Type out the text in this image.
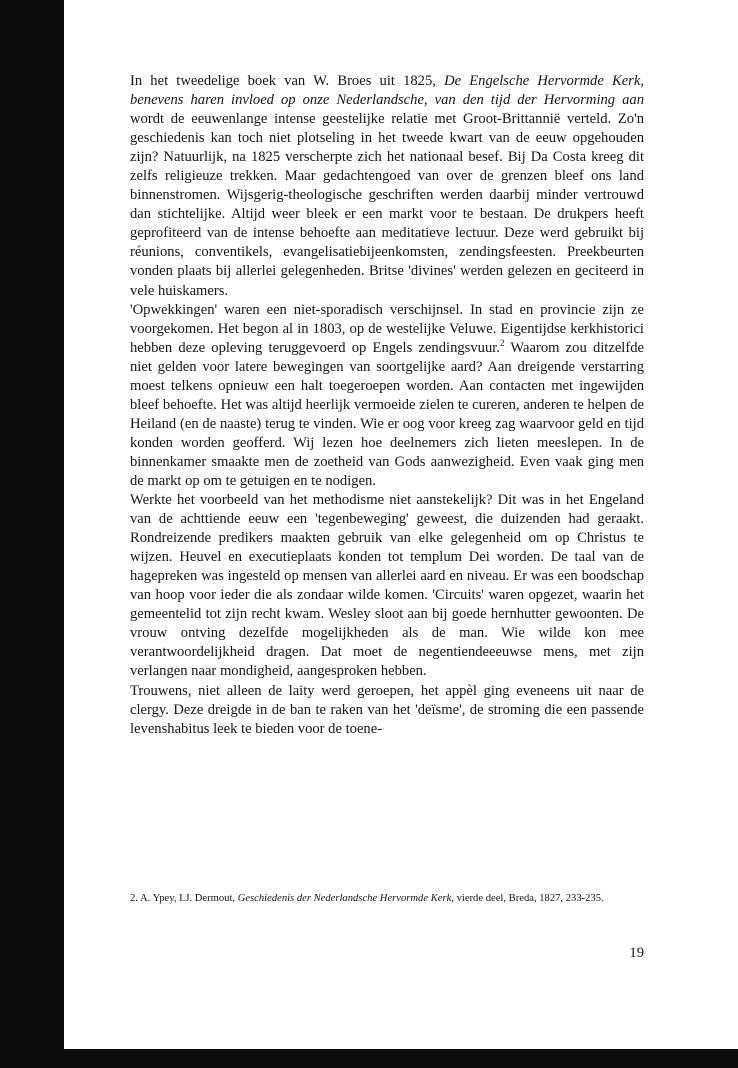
In het tweedelige boek van W. Broes uit 1825, De Engelsche Hervormde Kerk, benevens haren invloed op onze Nederlandsche, van den tijd der Hervorming aan wordt de eeuwenlange intense geestelijke relatie met Groot-Brittannië verteld. Zo'n geschiedenis kan toch niet plotseling in het tweede kwart van de eeuw opgehouden zijn? Natuurlijk, na 1825 verscherpte zich het nationaal besef. Bij Da Costa kreeg dit zelfs religieuze trekken. Maar gedachtengoed van over de grenzen bleef ons land binnenstromen. Wijsgerig-theologische geschriften werden daarbij minder vertrouwd dan stichtelijke. Altijd weer bleek er een markt voor te bestaan. De drukpers heeft geprofiteerd van de intense behoefte aan meditatieve lectuur. Deze werd gebruikt bij réunions, conventikels, evangelisatiebijeenkomsten, zendingsfeesten. Preekbeurten vonden plaats bij allerlei gelegenheden. Britse 'divines' werden gelezen en geciteerd in vele huiskamers.

'Opwekkingen' waren een niet-sporadisch verschijnsel. In stad en provincie zijn ze voorgekomen. Het begon al in 1803, op de westelijke Veluwe. Eigentijdse kerkhistorici hebben deze opleving teruggevoerd op Engels zendingsvuur.$^2$ Waarom zou ditzelfde niet gelden voor latere bewegingen van soortgelijke aard? Aan dreigende verstarring moest telkens opnieuw een halt toegeroepen worden. Aan contacten met ingewijden bleef behoefte. Het was altijd heerlijk vermoeide zielen te cureren, anderen te helpen de Heiland (en de naaste) terug te vinden. Wie er oog voor kreeg zag waarvoor geld en tijd konden worden geofferd. Wij lezen hoe deelnemers zich lieten meeslepen. In de binnenkamer smaakte men de zoetheid van Gods aanwezigheid. Even vaak ging men de markt op om te getuigen en te nodigen.

Werkte het voorbeeld van het methodisme niet aanstekelijk? Dit was in het Engeland van de achttiende eeuw een 'tegenbeweging' geweest, die duizenden had geraakt. Rondreizende predikers maakten gebruik van elke gelegenheid om op Christus te wijzen. Heuvel en executieplaats konden tot templum Dei worden. De taal van de hagepreken was ingesteld op mensen van allerlei aard en niveau. Er was een boodschap van hoop voor ieder die als zondaar wilde komen. 'Circuits' waren opgezet, waarin het gemeentelid tot zijn recht kwam. Wesley sloot aan bij goede hernhutter gewoonten. De vrouw ontving dezelfde mogelijkheden als de man. Wie wilde kon mee verantwoordelijkheid dragen. Dat moet de negentiendeeeuwse mens, met zijn verlangen naar mondigheid, aangesproken hebben.

Trouwens, niet alleen de laity werd geroepen, het appèl ging eveneens uit naar de clergy. Deze dreigde in de ban te raken van het 'deïsme', de stroming die een passende levenshabitus leek te bieden voor de toene-

2. A. Ypey, I.J. Dermout, Geschiedenis der Nederlandsche Hervormde Kerk, vierde deel, Breda, 1827, 233-235.
19
